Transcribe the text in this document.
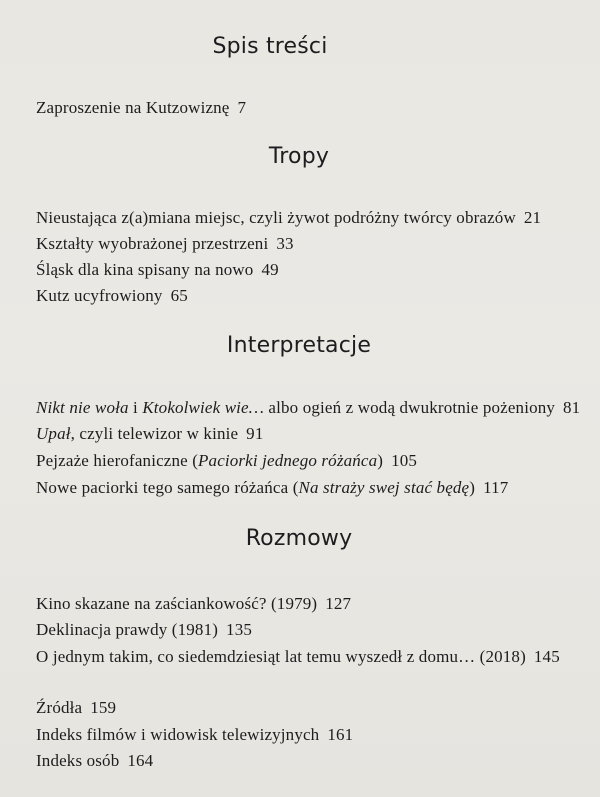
Spis treści
Zaproszenie na Kutzowiznę 7
Tropy
Nieustająca z(a)miana miejsc, czyli żywot podróżny twórcy obrazów 21
Kształty wyobrażonej przestrzeni 33
Śląsk dla kina spisany na nowo 49
Kutz ucyfrowiony 65
Interpretacje
Nikt nie woła i Ktokolwiek wie… albo ogień z wodą dwukrotnie pożeniony 81
Upał, czyli telewizor w kinie 91
Pejzaże hierofaniczne (Paciorki jednego różańca) 105
Nowe paciorki tego samego różańca (Na straży swej stać będę) 117
Rozmowy
Kino skazane na zaściankowość? (1979) 127
Deklinacja prawdy (1981) 135
O jednym takim, co siedemdziesiąt lat temu wyszedł z domu… (2018) 145
Źródła 159
Indeks filmów i widowisk telewizyjnych 161
Indeks osób 164
